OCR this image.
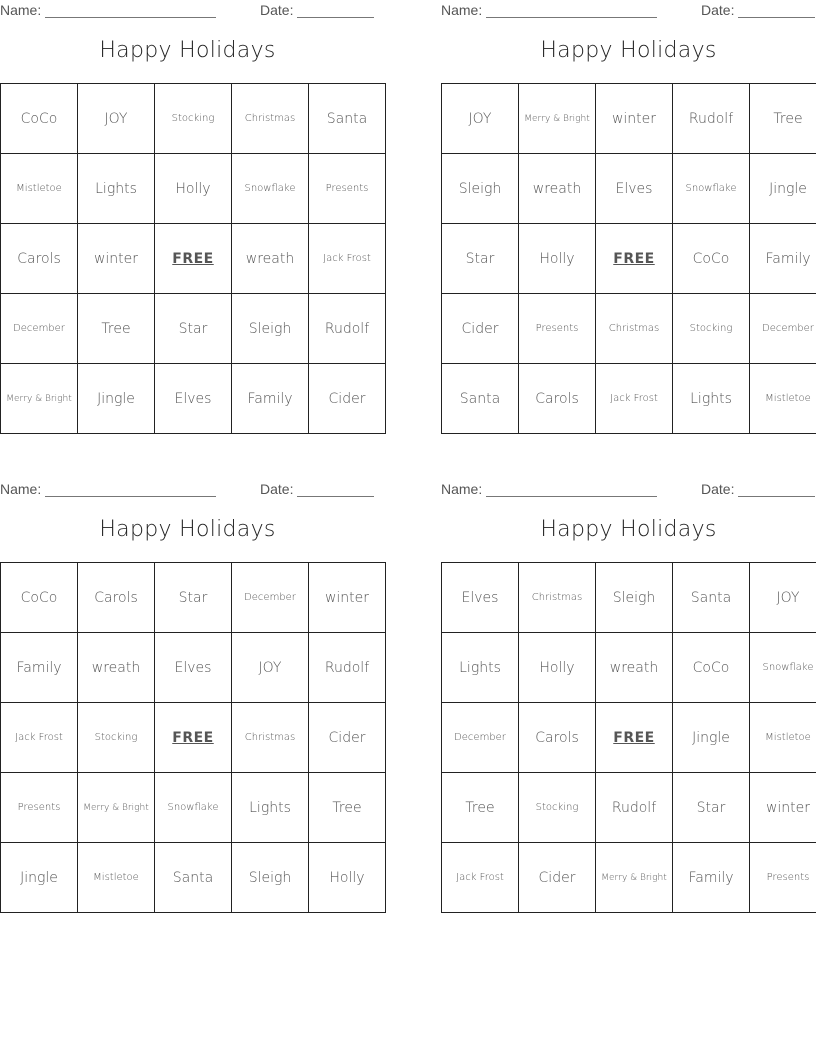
Name:	Date:
Happy Holidays
CoCo	JOY	Stocking	Christmas	Santa
Mistletoe	Lights	Holly	Snowflake	Presents
Carols	winter	FREE	wreath	Jack Frost
December	Tree	Star	Sleigh	Rudolf
Merry & Bright	Jingle	Elves	Family	Cider
Name:	Date:
Happy Holidays
JOY	Merry & Bright	winter	Rudolf	Tree
Sleigh	wreath	Elves	Snowflake	Jingle
Star	Holly	FREE	CoCo	Family
Cider	Presents	Christmas	Stocking	December
Santa	Carols	Jack Frost	Lights	Mistletoe
Name:	Date:
Happy Holidays
CoCo	Carols	Star	December	winter
Family	wreath	Elves	JOY	Rudolf
Jack Frost	Stocking	FREE	Christmas	Cider
Presents	Merry & Bright	Snowflake	Lights	Tree
Jingle	Mistletoe	Santa	Sleigh	Holly
Name:	Date:
Happy Holidays
Elves	Christmas	Sleigh	Santa	JOY
Lights	Holly	wreath	CoCo	Snowflake
December	Carols	FREE	Jingle	Mistletoe
Tree	Stocking	Rudolf	Star	winter
Jack Frost	Cider	Merry & Bright	Family	Presents
